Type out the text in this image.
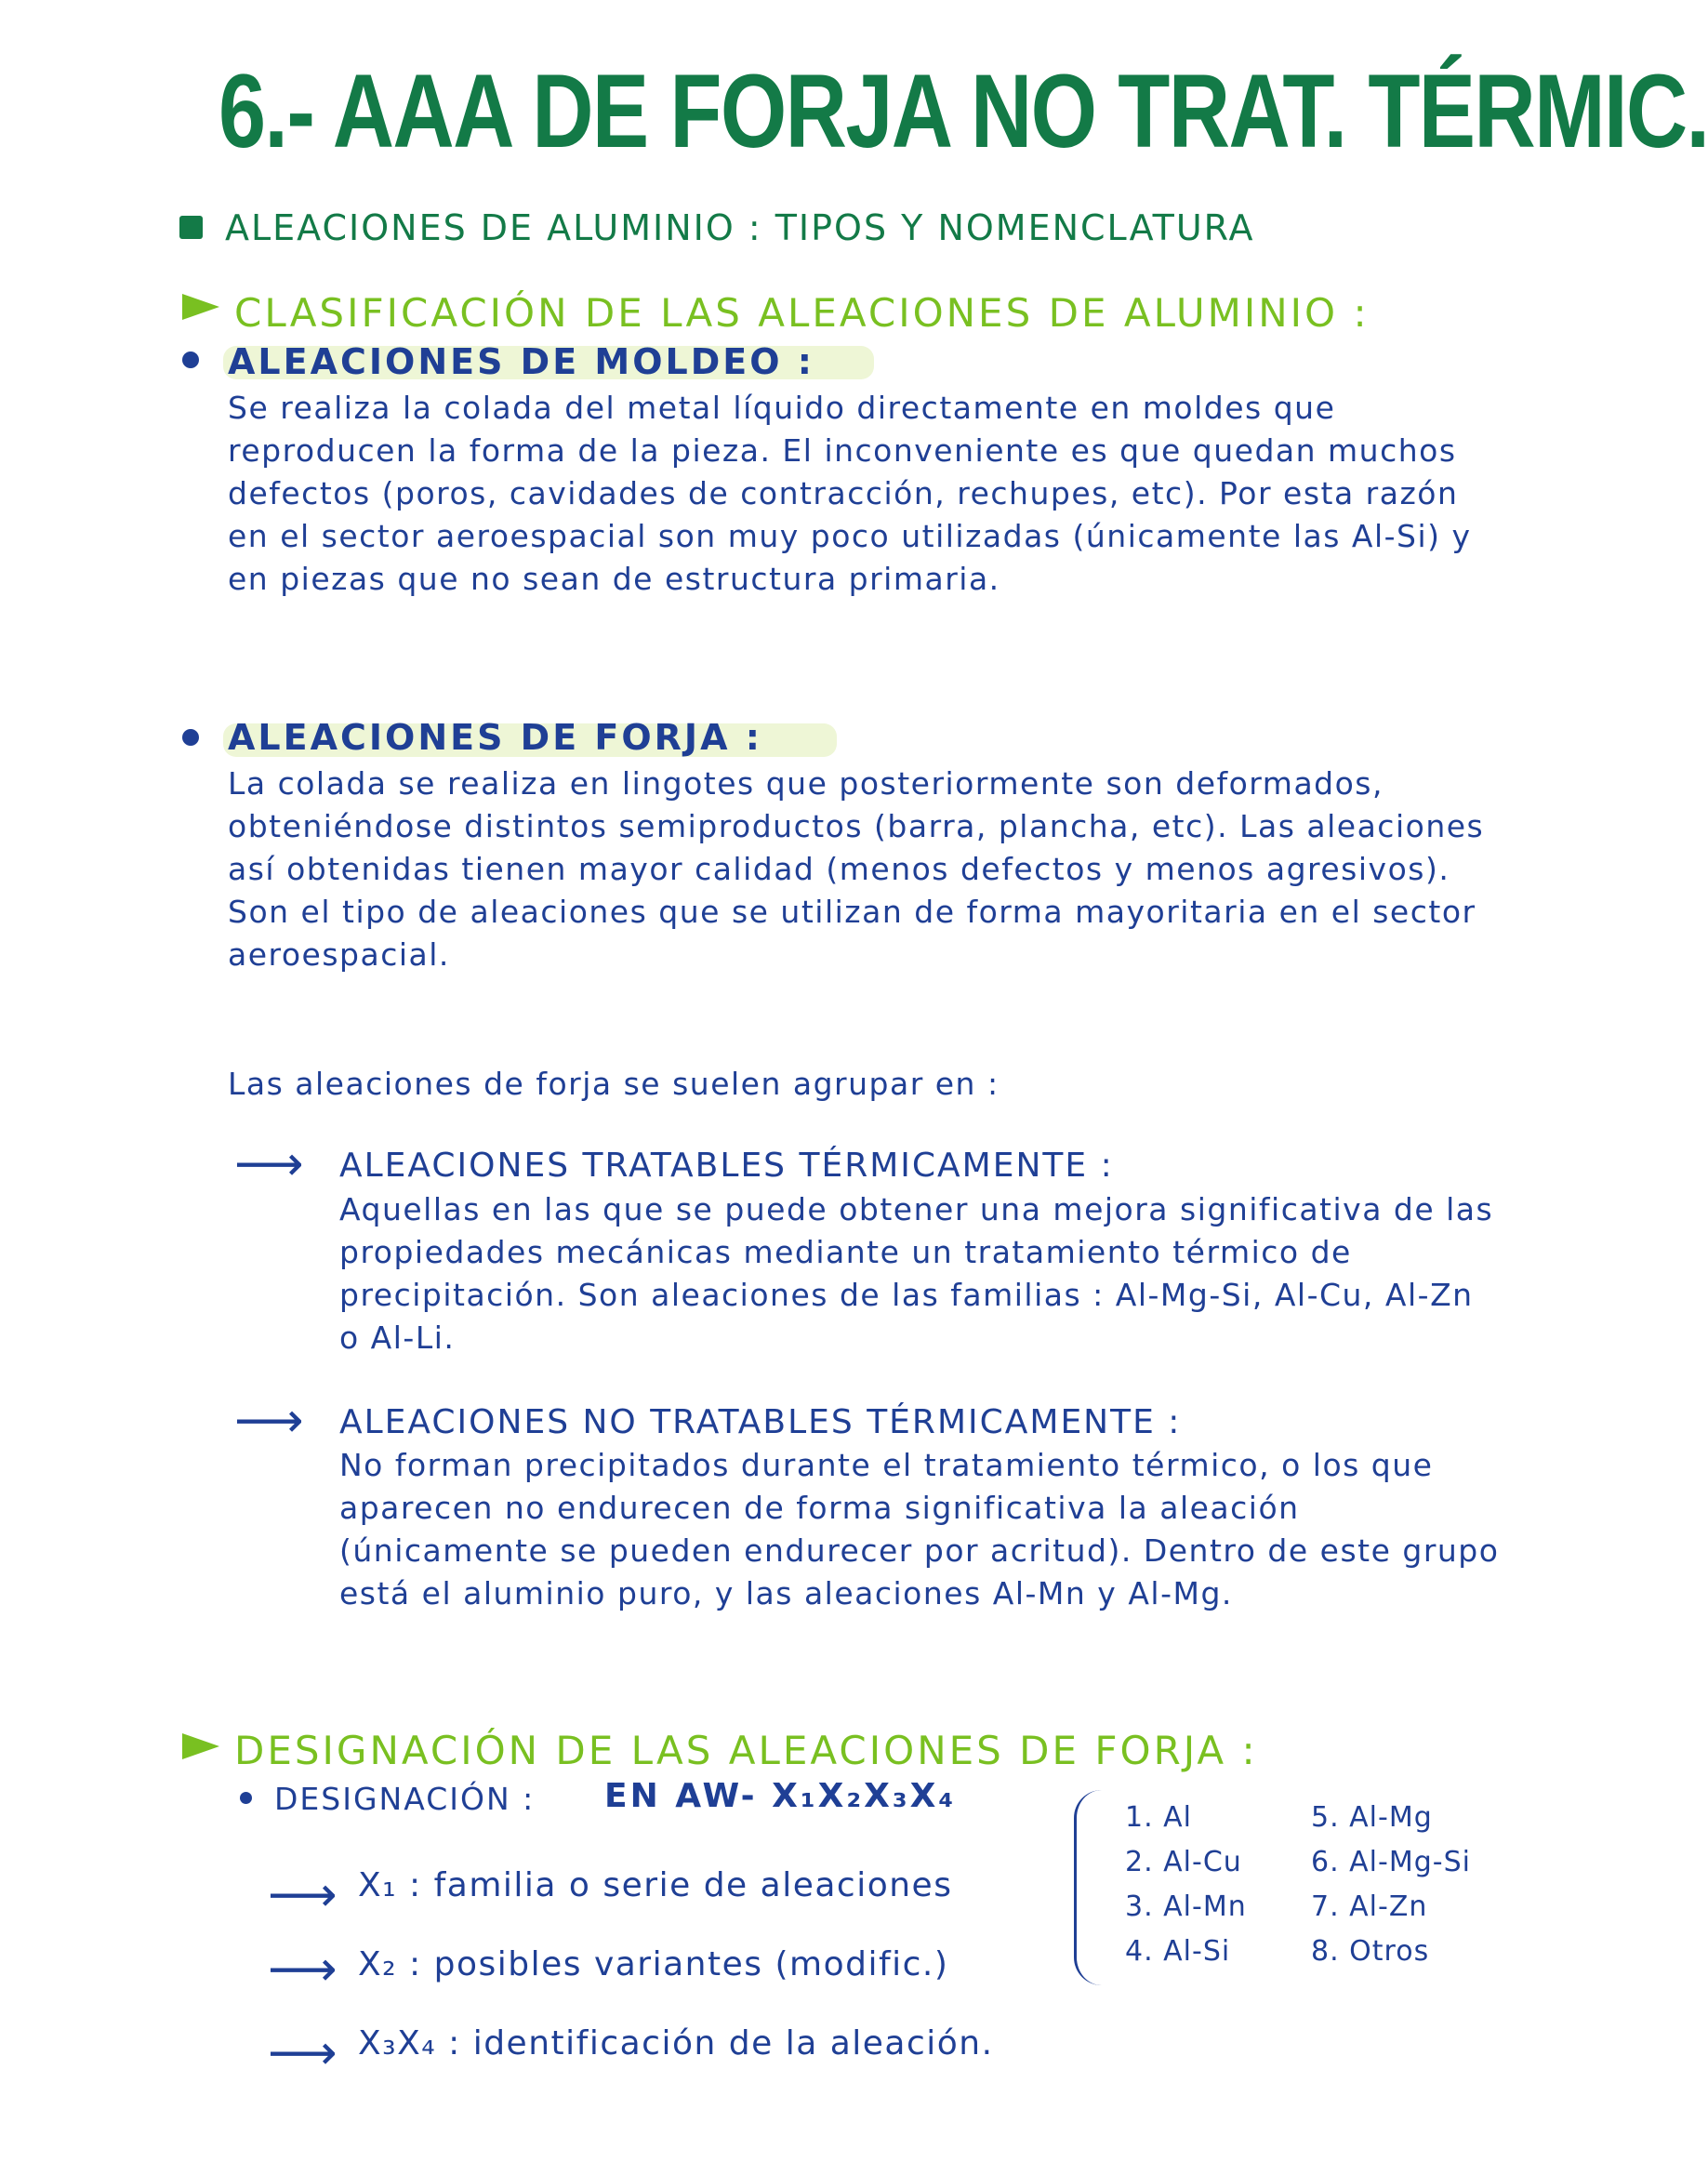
6.- AAA DE FORJA NO TRAT. TÉRMIC.
ALEACIONES DE ALUMINIO : TIPOS Y NOMENCLATURA
CLASIFICACIÓN DE LAS ALEACIONES DE ALUMINIO :
ALEACIONES DE MOLDEO :
Se realiza la colada del metal líquido directamente en moldes que reproducen la forma de la pieza. El inconveniente es que quedan muchos defectos (poros, cavidades de contracción, rechupes, etc). Por esta razón en el sector aeroespacial son muy poco utilizadas (únicamente las Al-Si) y en piezas que no sean de estructura primaria.
ALEACIONES DE FORJA :
La colada se realiza en lingotes que posteriormente son deformados, obteniéndose distintos semiproductos (barra, plancha, etc). Las aleaciones así obtenidas tienen mayor calidad (menos defectos y menos agresivos). Son el tipo de aleaciones que se utilizan de forma mayoritaria en el sector aeroespacial.
Las aleaciones de forja se suelen agrupar en :
⟶ ALEACIONES TRATABLES TÉRMICAMENTE :
Aquellas en las que se puede obtener una mejora significativa de las propiedades mecánicas mediante un tratamiento térmico de precipitación. Son aleaciones de las familias : Al-Mg-Si, Al-Cu, Al-Zn o Al-Li.
⟶ ALEACIONES NO TRATABLES TÉRMICAMENTE :
No forman precipitados durante el tratamiento térmico, o los que aparecen no endurecen de forma significativa la aleación (únicamente se pueden endurecer por acritud). Dentro de este grupo está el aluminio puro, y las aleaciones Al-Mn y Al-Mg.
DESIGNACIÓN DE LAS ALEACIONES DE FORJA :
DESIGNACIÓN : EN AW- X₁X₂X₃X₄
⟶ X₁ : familia o serie de aleaciones
⟶ X₂ : posibles variantes (modific.)
⟶ X₃X₄ : identificación de la aleación.
1. Al
2. Al-Cu
3. Al-Mn
4. Al-Si
5. Al-Mg
6. Al-Mg-Si
7. Al-Zn
8. Otros
